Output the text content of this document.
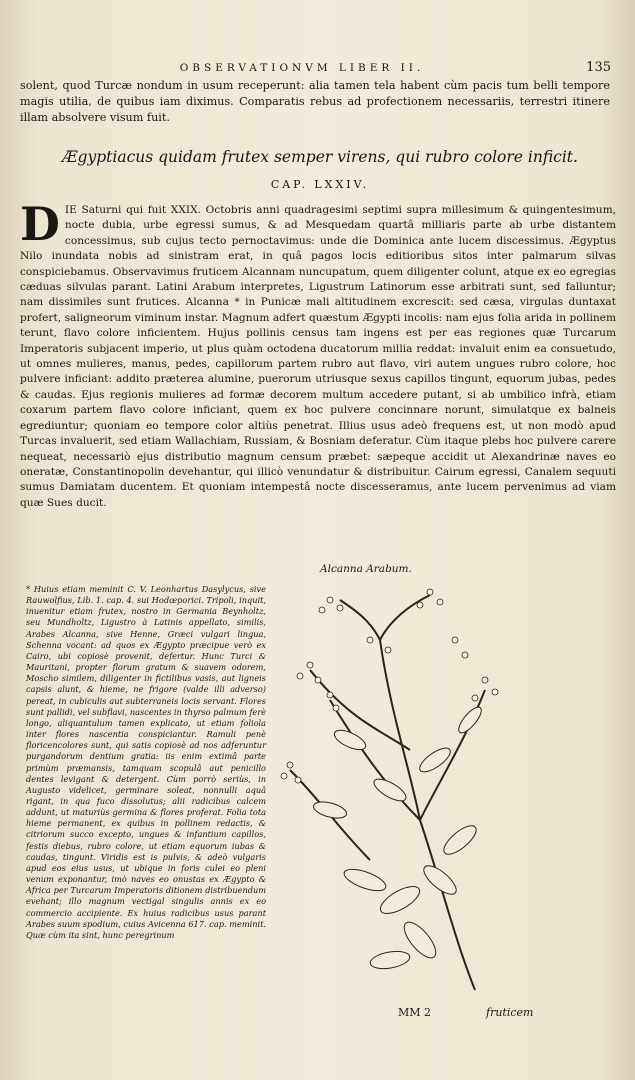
OBSERVATIONVM LIBER II.	135
solent, quod Turcæ nondum in usum receperunt: alia tamen tela habent cùm pacis tum belli tempore magis utilia, de quibus iam diximus. Comparatis rebus ad profectionem necessariis, terrestri itinere illam absolvere visum fuit.
Ægyptiacus quidam frutex semper virens, qui rubro colore inficit.
CAP. LXXIV.
DIE Saturni qui fuit XXIX. Octobris anni quadragesimi septimi supra millesimum & quingentesimum, nocte dubia, urbe egressi sumus, & ad Mesquedam quartâ milliaris parte ab urbe distantem concessimus, sub cujus tecto pernoctavimus: unde die Dominica ante lucem discessimus. Ægyptus Nilo inundata nobis ad sinistram erat, in quâ pagos locis editioribus sitos inter palmarum silvas conspiciebamus. Observavimus fruticem Alcannam nuncupatum, quem diligenter colunt, atque ex eo egregias cæduas silvulas parant. Latini Arabum interpretes, Ligustrum Latinorum esse arbitrati sunt, sed falluntur; nam dissimiles sunt frutices. Alcanna * in Punicæ mali altitudinem excrescit: sed cæsa, virgulas duntaxat profert, saligneorum viminum instar. Magnum adfert quæstum Ægypti incolis: nam ejus folia arida in pollinem terunt, flavo colore inficientem. Hujus pollinis census tam ingens est per eas regiones quæ Turcarum Imperatoris subjacent imperio, ut plus quàm octodena ducatorum millia reddat: invaluit enim ea consuetudo, ut omnes mulieres, manus, pedes, capillorum partem rubro aut flavo, viri autem ungues rubro colore, hoc pulvere inficiant: addito præterea alumine, puerorum utriusque sexus capillos tingunt, equorum jubas, pedes & caudas. Ejus regionis mulieres ad formæ decorem multum accedere putant, si ab umbilico infrà, etiam coxarum partem flavo colore inficiant, quem ex hoc pulvere concinnare norunt, simulatque ex balneis egrediuntur; quoniam eo tempore color altiùs penetrat. Illius usus adeò frequens est, ut non modò apud Turcas invaluerit, sed etiam Wallachiam, Russiam, & Bosniam deferatur. Cùm itaque plebs hoc pulvere carere nequeat, necessariò ejus distributio magnum censum præbet: sæpeque accidit ut Alexandrinæ naves eo oneratæ, Constantinopolin devehantur, qui illicò venundatur & distribuitur. Cairum egressi, Canalem sequuti sumus Damiatam ducentem. Et quoniam intempestâ nocte discesseramus, ante lucem pervenimus ad viam quæ Sues ducit.
Alcanna Arabum.
* Huius etiam meminit C. V. Leonhartus Dasylycus, sive Rauwolfius, Lib. 1. cap. 4. sui Hodœporici. Tripoli, inquit, inuenitur etiam frutex, nostro in Germania Beynholtz, seu Mundholtz, Ligustro à Latinis appellato, similis, Arabes Alcanna, sive Henne, Græci vulgari lingua, Schenna vocant: ad quos ex Ægypto præcipue verò ex Cairo, ubi copiosè provenit, defertur. Hunc Turci & Mauritani, propter florum gratum & suavem odorem, Moscho similem, diligenter in fictilibus vasis, aut ligneis capsis alunt, & hieme, ne frigore (valde illi adverso) pereat, in cubiculis aut subterraneis locis servant. Flores sunt pallidi, vel subflavi, nascentes in thyrso palmum ferè longo, aliquantulum tamen explicato, ut etiam foliola inter flores nascentia conspiciantur. Ramuli penè floricencolores sunt, qui satis copiosè ad nos adferuntur purgandorum dentium gratia: iis enim extimâ parte primùm præmansis, tamquam scopulâ aut penicillo dentes levigant & detergent. Cùm porrò seriùs, in Augusto videlicet, germinare soleat, nonnulli aquâ rigant, in qua fuco dissolutus; alii radicibus calcem addunt, ut maturiùs germina & flores proferat. Folia tota hieme permanent, ex quibus in pollinem redactis, & citriorum succo excepto, ungues & infantium capillos, festis diebus, rubro colore, ut etiam equorum iubas & caudas, tingunt. Viridis est is pulvis, & adeò vulgaris apud eos eius usus, ut ubique in foris culei eo pleni venum exponantur, imò naves eo onustas ex Ægypto & Africa per Turcarum Imperatoris ditionem distribuendum evehant; illo magnum vectigal singulis annis ex eo commercio accipiente. Ex huius radicibus usus parant Arabes suum spodium, cuius Avicenna 617. cap. meminit. Quæ cùm ita sint, hunc peregrinum
MM 2	fruticem
